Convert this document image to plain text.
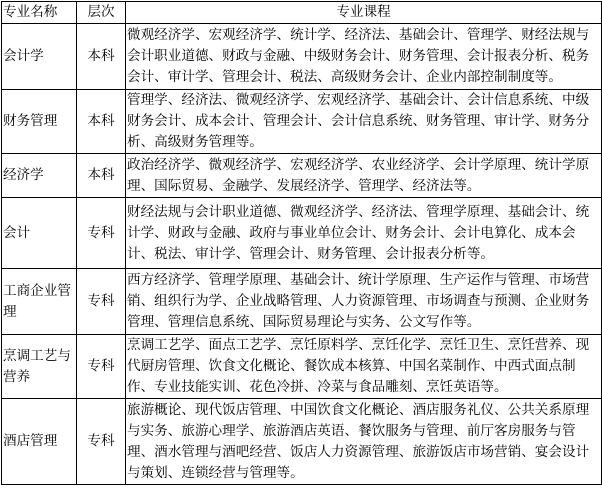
专业名称	层次	专业课程
会计学	本科	微观经济学、宏观经济学、统计学、经济法、基础会计、管理学、财经法规与会计职业道德、财政与金融、中级财务会计、财务管理、会计报表分析、税务会计、审计学、管理会计、税法、高级财务会计、企业内部控制制度等。
财务管理	本科	管理学、经济法、微观经济学、宏观经济学、基础会计、会计信息系统、中级财务会计、成本会计、管理会计、会计信息系统、财务管理、审计学、财务分析、高级财务管理等。
经济学	本科	政治经济学、微观经济学、宏观经济学、农业经济学、会计学原理、统计学原理、国际贸易、金融学、发展经济学、管理学、经济法等。
会计	专科	财经法规与会计职业道德、微观经济学、经济法、管理学原理、基础会计、统计学、财政与金融、政府与事业单位会计、财务会计、会计电算化、成本会计、税法、审计学、管理会计、财务管理、会计报表分析等。
工商企业管理	专科	西方经济学、管理学原理、基础会计、统计学原理、生产运作与管理、市场营销、组织行为学、企业战略管理、人力资源管理、市场调查与预测、企业财务管理、管理信息系统、国际贸易理论与实务、公文写作等。
烹调工艺与营养	专科	烹调工艺学、面点工艺学、烹饪原料学、烹饪化学、烹饪卫生、烹饪营养、现代厨房管理、饮食文化概论、餐饮成本核算、中国名菜制作、中西式面点制作、专业技能实训、花色冷拼、冷菜与食品雕刻、烹饪英语等。
酒店管理	专科	旅游概论、现代饭店管理、中国饮食文化概论、酒店服务礼仪、公共关系原理与实务、旅游心理学、旅游酒店英语、餐饮服务与管理、前厅客房服务与管理、酒水管理与酒吧经营、饭店人力资源管理、旅游饭店市场营销、宴会设计与策划、连锁经营与管理等。
